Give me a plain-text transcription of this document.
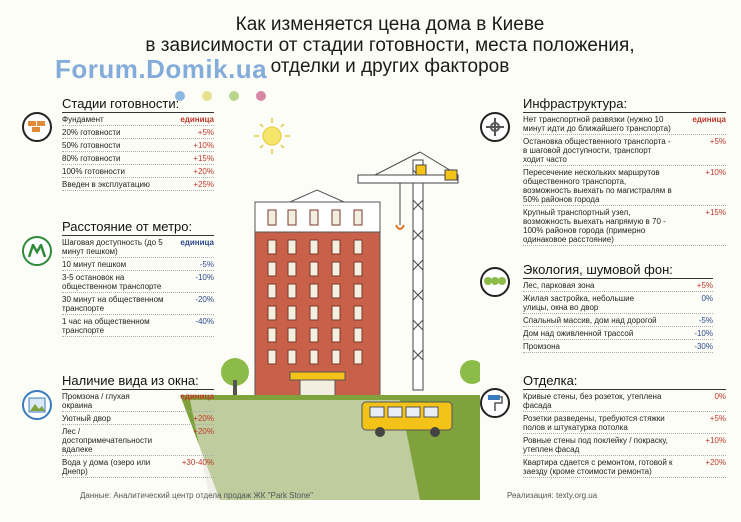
Как изменяется цена дома в Киеве
в зависимости от стадии готовности, места положения,
отделки и других факторов
Forum.Domik.ua
Стадии готовности:
Фундамент	единица
20% готовности	+5%
50% готовности	+10%
80% готовности	+15%
100% готовности	+20%
Введен в эксплуатацию	+25%
Расстояние от метро:
Шаговая доступность (до 5 минут пешком)
единица
10 минут пешком	-5%
3-5 остановок на общественном транспорте
-10%
30 минут на общественном транспорте
-20%
1 час на общественном транспорте
-40%
Наличие вида из окна:
Промзона / глухая окраина
единица
Уютный двор	+20%
Лес / достопримечательности вдалеке
+20%
Вода у дома (озеро или Днепр)
+30-40%
Инфраструктура:
Нет транспортной развязки (нужно 10 минут идти до ближайшего транспорта)
единица
Остановка общественного транспорта - в шаговой доступности, транспорт ходит часто
+5%
Пересечение нескольких маршрутов общественного транспорта, возможность выехать по магистралям в 50% районов города
+10%
Крупный транспортный узел, возможность выехать напрямую в 70 - 100% районов города (примерно одинаковое расстояние)
+15%
Экология, шумовой фон:
Лес, парковая зона	+5%
Жилая застройка, небольшие улицы, окна во двор
0%
Спальный массив, дом над дорогой	-5%
Дом над оживленной трассой	-10%
Промзона	-30%
Отделка:
Кривые стены, без розеток, утеплена фасада
0%
Розетки разведены, требуются стяжки полов и штукатурка потолка
+5%
Ровные стены под поклейку / покраску, утеплен фасад
+10%
Квартира сдается с ремонтом, готовой к заезду (кроме стоимости ремонта)
+20%
Данные: Аналитический центр отдела продаж ЖК "Park Stone"	Реализация: texty.org.ua
